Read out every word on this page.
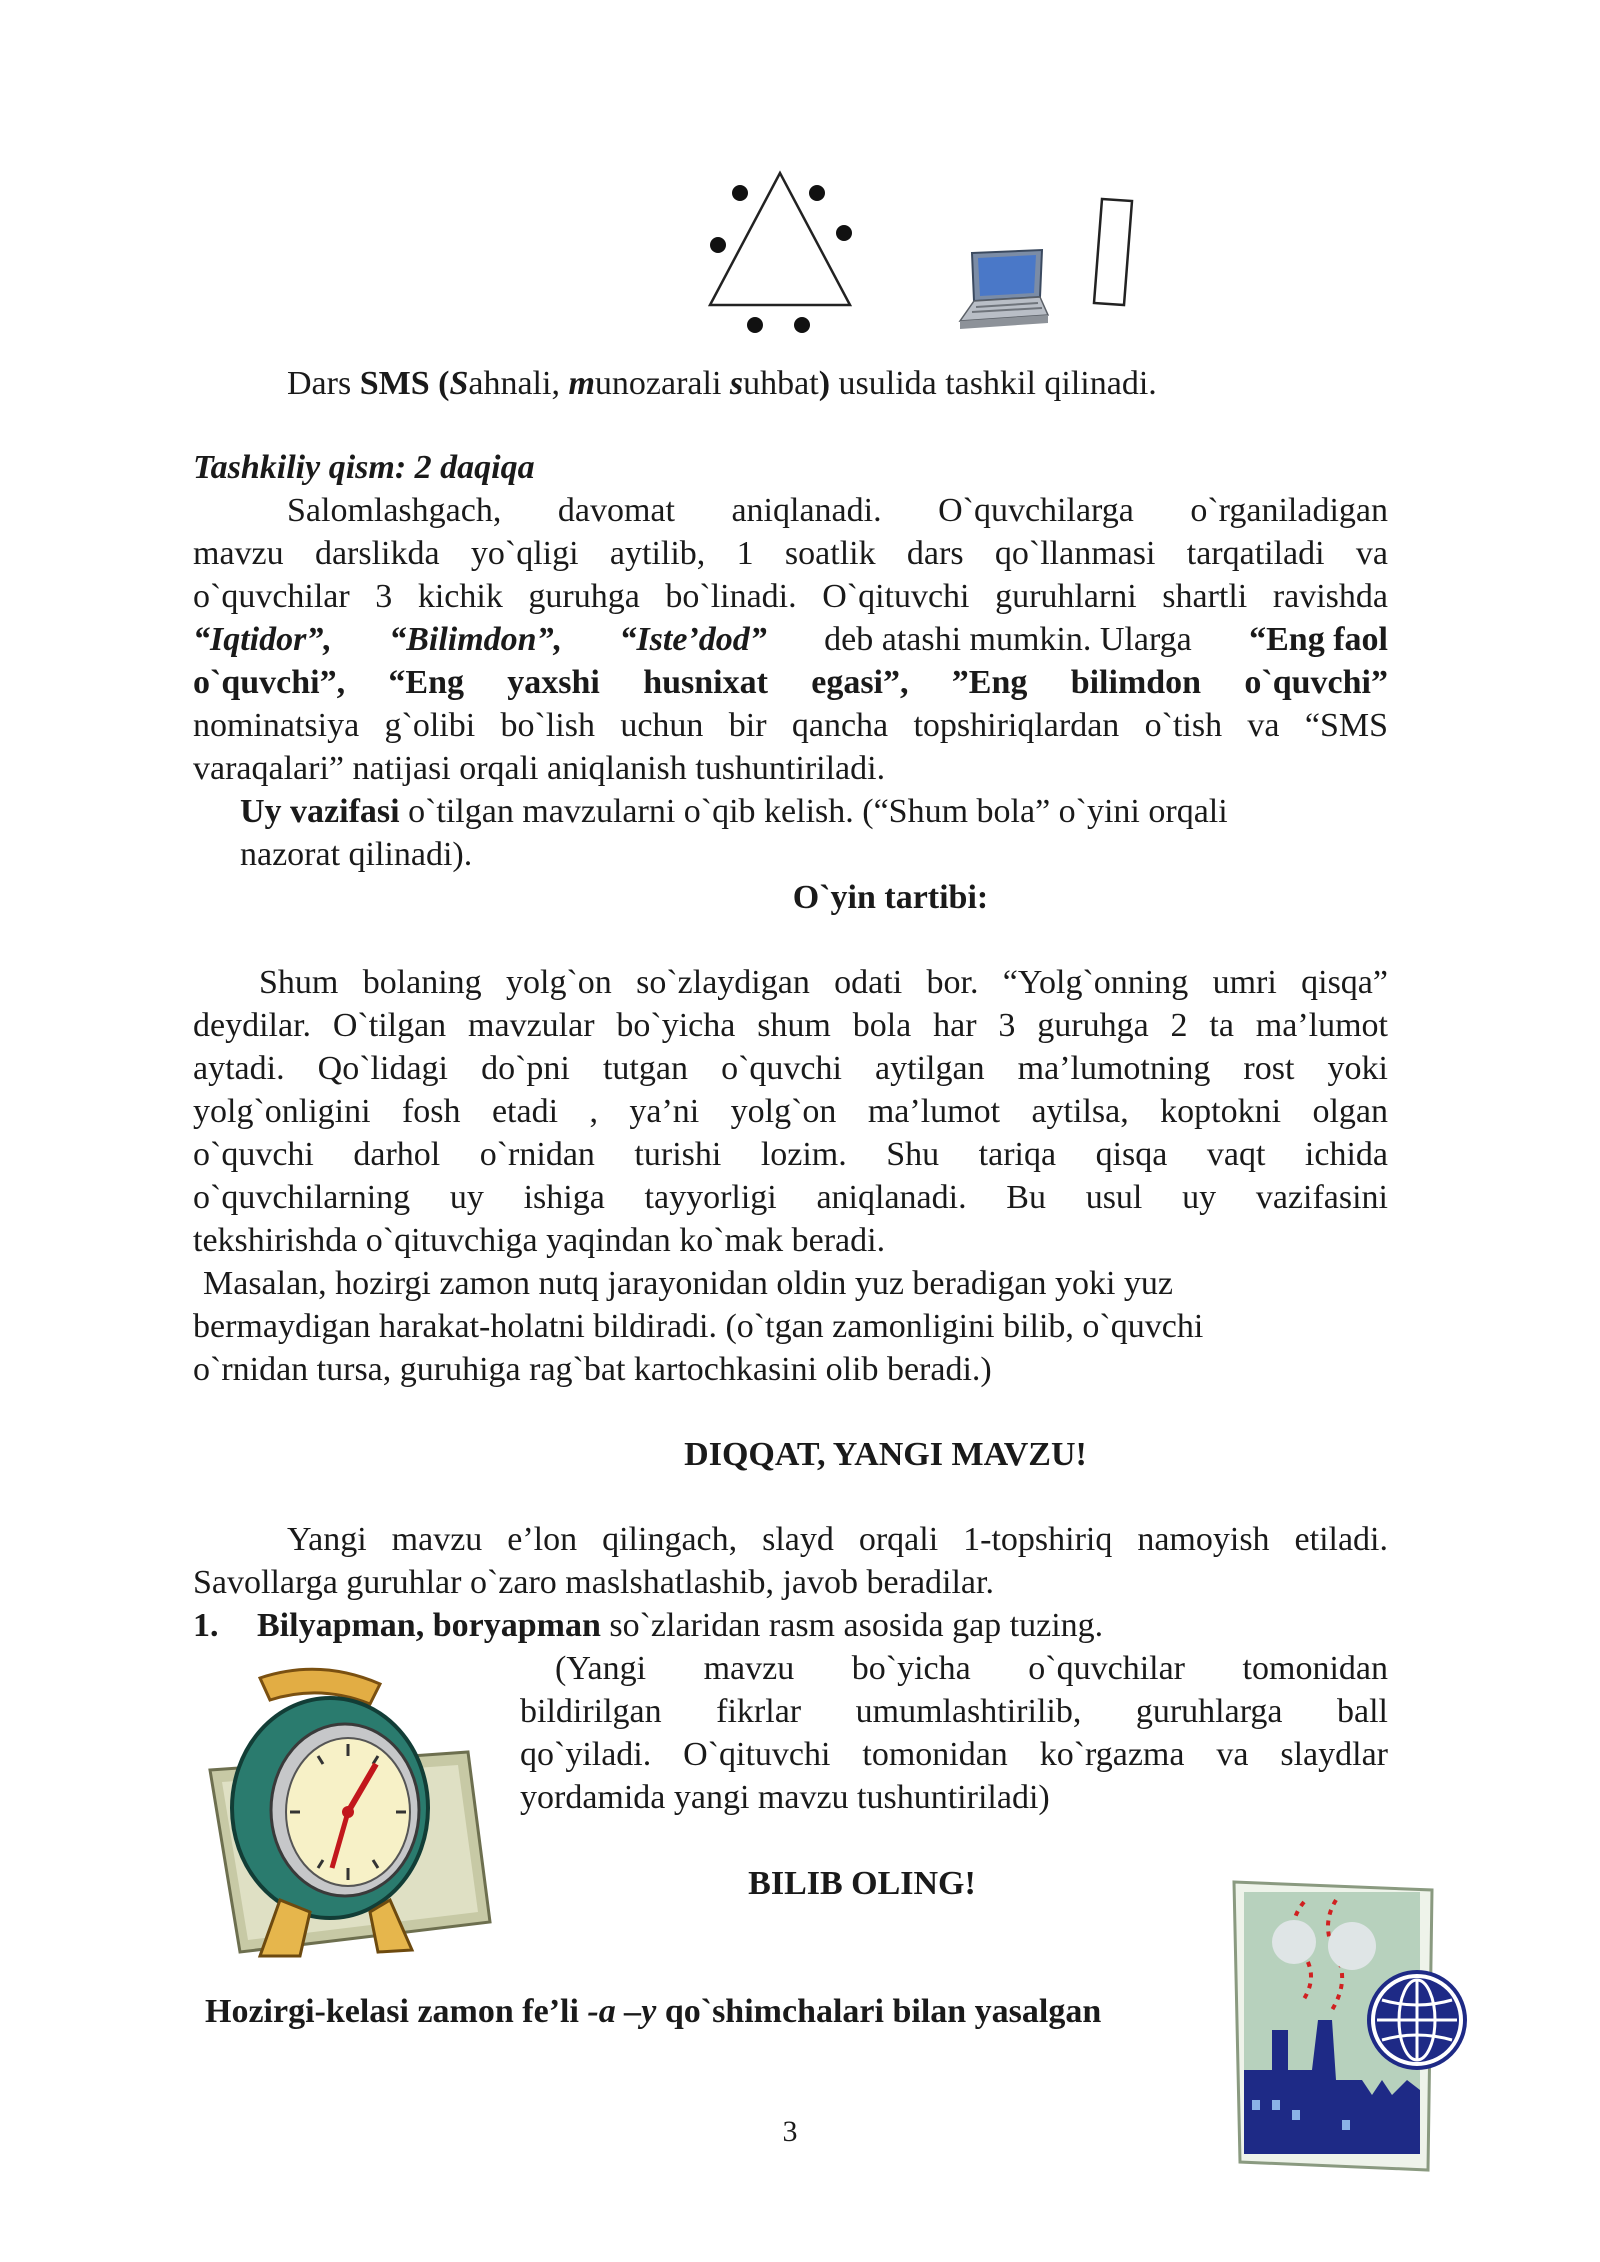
Dars SMS (Sahnali, munozarali suhbat) usulida tashkil qilinadi.
Tashkiliy qism: 2 daqiqa
Salomlashgach, davomat aniqlanadi. O`quvchilarga o`rganiladigan
mavzu darslikda yo`qligi aytilib, 1 soatlik dars qo`llanmasi tarqatiladi va
o`quvchilar 3 kichik guruhga bo`linadi. O`qituvchi guruhlarni shartli ravishda
“Iqtidor”, “Bilimdon”, “Iste’dod” deb atashi mumkin. Ularga “Eng faol
o`quvchi”, “Eng yaxshi husnixat egasi”, ”Eng bilimdon o`quvchi”
nominatsiya g`olibi bo`lish uchun bir qancha topshiriqlardan o`tish va “SMS
varaqalari” natijasi orqali aniqlanish tushuntiriladi.
Uy vazifasi o`tilgan mavzularni o`qib kelish. (“Shum bola” o`yini orqali
nazorat qilinadi).
O`yin tartibi:
Shum bolaning yolg`on so`zlaydigan odati bor. “Yolg`onning umri qisqa”
deydilar. O`tilgan mavzular bo`yicha shum bola har 3 guruhga 2 ta ma’lumot
aytadi. Qo`lidagi do`pni tutgan o`quvchi aytilgan ma’lumotning rost yoki
yolg`onligini fosh etadi , ya’ni yolg`on ma’lumot aytilsa, koptokni olgan
o`quvchi darhol o`rnidan turishi lozim. Shu tariqa qisqa vaqt ichida
o`quvchilarning uy ishiga tayyorligi aniqlanadi. Bu usul uy vazifasini
tekshirishda o`qituvchiga yaqindan ko`mak beradi.
Masalan, hozirgi zamon nutq jarayonidan oldin yuz beradigan yoki yuz
bermaydigan harakat-holatni bildiradi. (o`tgan zamonligini bilib, o`quvchi
o`rnidan tursa, guruhiga rag`bat kartochkasini olib beradi.)
DIQQAT, YANGI MAVZU!
Yangi mavzu e’lon qilingach, slayd orqali 1-topshiriq namoyish etiladi.
Savollarga guruhlar o`zaro maslshatlashib, javob beradilar.
1. Bilyapman, boryapman so`zlaridan rasm asosida gap tuzing.
(Yangi mavzu bo`yicha o`quvchilar tomonidan
bildirilgan fikrlar umumlashtirilib, guruhlarga ball
qo`yiladi. O`qituvchi tomonidan ko`rgazma va slaydlar
yordamida yangi mavzu tushuntiriladi)
BILIB OLING!
Hozirgi-kelasi zamon fe’li -a –y qo`shimchalari bilan yasalgan
3
